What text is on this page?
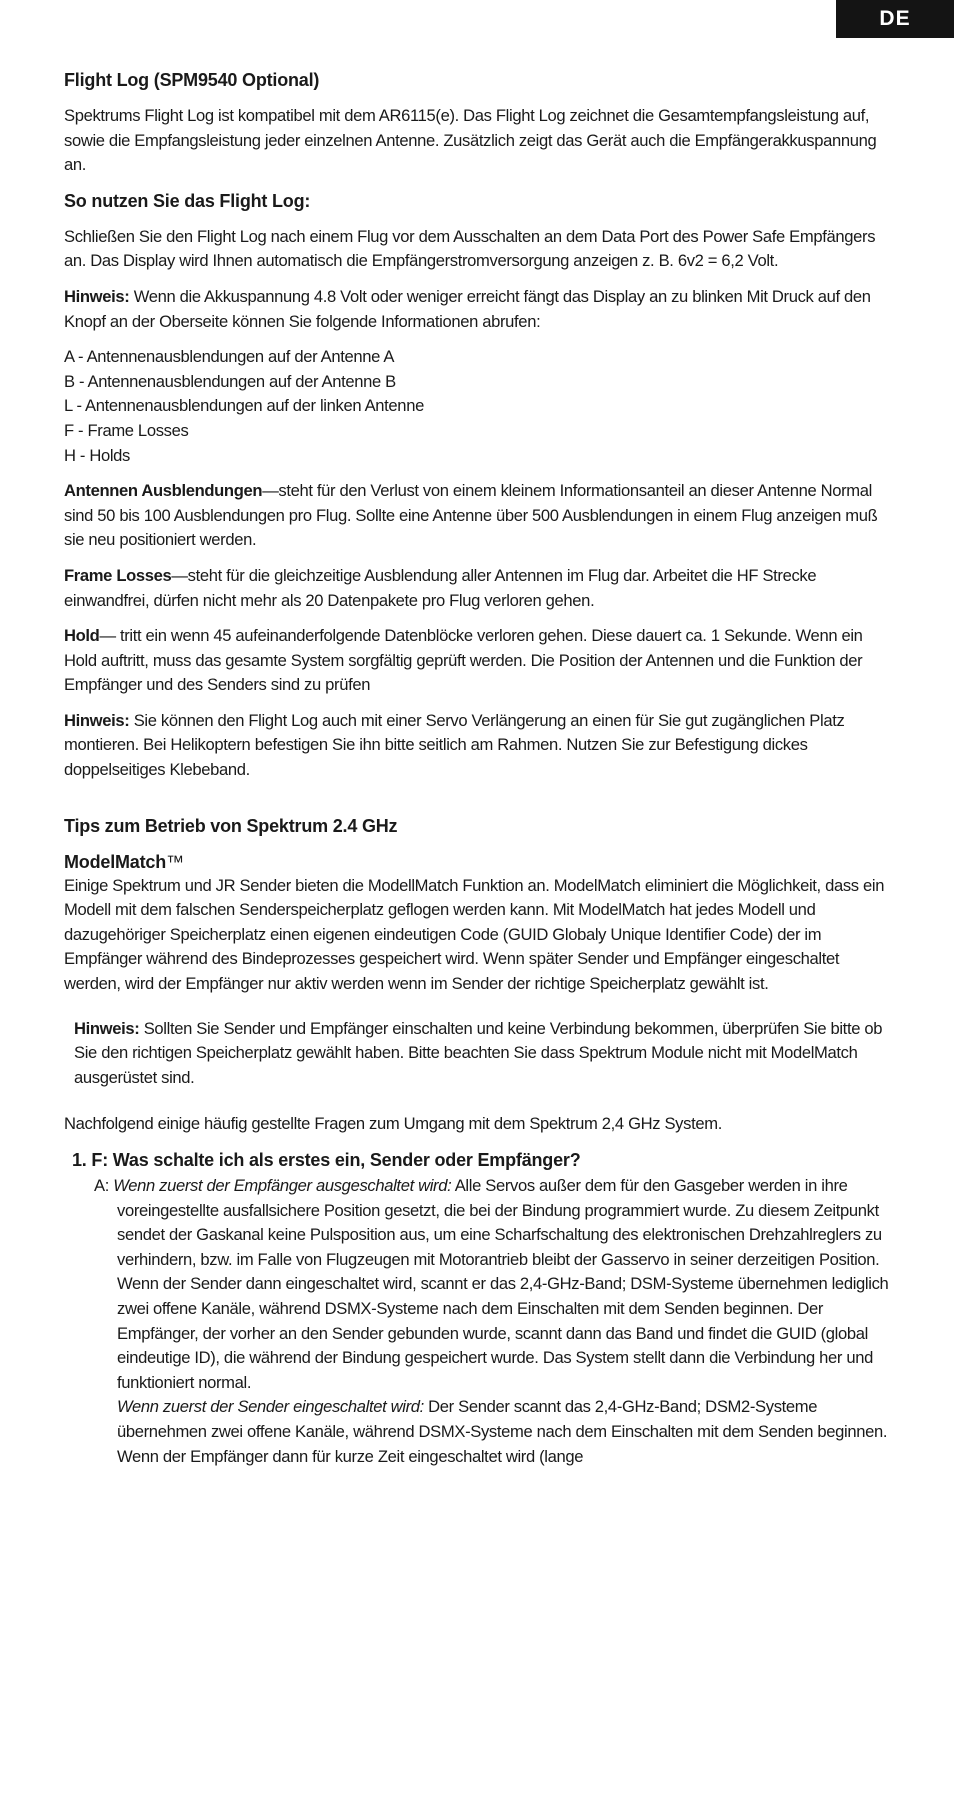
DE
Flight Log (SPM9540 Optional)

Spektrums Flight Log ist kompatibel mit dem AR6115(e). Das Flight Log zeichnet die Gesamtempfangsleistung auf, sowie die Empfangsleistung jeder einzelnen Antenne. Zusätzlich zeigt das Gerät auch die Empfängerakkuspannung an.

So nutzen Sie das Flight Log:

Schließen Sie den Flight Log nach einem Flug vor dem Ausschalten an dem Data Port des Power Safe Empfängers an. Das Display wird Ihnen automatisch die Empfängerstromversorgung anzeigen z. B. 6v2 = 6,2 Volt.

Hinweis: Wenn die Akkuspannung 4.8 Volt oder weniger erreicht fängt das Display an zu blinken Mit Druck auf den Knopf an der Oberseite können Sie folgende Informationen abrufen:

A - Antennenausblendungen auf der Antenne A
B - Antennenausblendungen auf der Antenne B
L - Antennenausblendungen auf der linken Antenne
F - Frame Losses
H - Holds

Antennen Ausblendungen—steht für den Verlust von einem kleinem Informationsanteil an dieser Antenne Normal sind 50 bis 100 Ausblendungen pro Flug. Sollte eine Antenne über 500 Ausblendungen in einem Flug anzeigen muß sie neu positioniert werden.

Frame Losses—steht für die gleichzeitige Ausblendung aller Antennen im Flug dar. Arbeitet die HF Strecke einwandfrei, dürfen nicht mehr als 20 Datenpakete pro Flug verloren gehen.

Hold— tritt ein wenn 45 aufeinanderfolgende Datenblöcke verloren gehen. Diese dauert ca. 1 Sekunde. Wenn ein Hold auftritt, muss das gesamte System sorgfältig geprüft werden. Die Position der Antennen und die Funktion der Empfänger und des Senders sind zu prüfen

Hinweis: Sie können den Flight Log auch mit einer Servo Verlängerung an einen für Sie gut zugänglichen Platz montieren. Bei Helikoptern befestigen Sie ihn bitte seitlich am Rahmen. Nutzen Sie zur Befestigung dickes doppelseitiges Klebeband.

Tips zum Betrieb von Spektrum 2.4 GHz
ModelMatch™

Einige Spektrum und JR Sender bieten die ModellMatch Funktion an. ModelMatch eliminiert die Möglichkeit, dass ein Modell mit dem falschen Senderspeicherplatz geflogen werden kann. Mit ModelMatch hat jedes Modell und dazugehöriger Speicherplatz einen eigenen eindeutigen Code (GUID Globaly Unique Identifier Code) der im Empfänger während des Bindeprozesses gespeichert wird. Wenn später Sender und Empfänger eingeschaltet werden, wird der Empfänger nur aktiv werden wenn im Sender der richtige Speicherplatz gewählt ist.

Hinweis: Sollten Sie Sender und Empfänger einschalten und keine Verbindung bekommen, überprüfen Sie bitte ob Sie den richtigen Speicherplatz gewählt haben. Bitte beachten Sie dass Spektrum Module nicht mit ModelMatch ausgerüstet sind.

Nachfolgend einige häufig gestellte Fragen zum Umgang mit dem Spektrum 2,4 GHz System.

1. F: Was schalte ich als erstes ein, Sender oder Empfänger?

A: Wenn zuerst der Empfänger ausgeschaltet wird: Alle Servos außer dem für den Gasgeber werden in ihre voreingestellte ausfallsichere Position gesetzt, die bei der Bindung programmiert wurde. Zu diesem Zeitpunkt sendet der Gaskanal keine Pulsposition aus, um eine Scharfschaltung des elektronischen Drehzahlreglers zu verhindern, bzw. im Falle von Flugzeugen mit Motorantrieb bleibt der Gasservo in seiner derzeitigen Position. Wenn der Sender dann eingeschaltet wird, scannt er das 2,4-GHz-Band; DSM-Systeme übernehmen lediglich zwei offene Kanäle, während DSMX-Systeme nach dem Einschalten mit dem Senden beginnen. Der Empfänger, der vorher an den Sender gebunden wurde, scannt dann das Band und findet die GUID (global eindeutige ID), die während der Bindung gespeichert wurde. Das System stellt dann die Verbindung her und funktioniert normal.

Wenn zuerst der Sender eingeschaltet wird: Der Sender scannt das 2,4-GHz-Band; DSM2-Systeme übernehmen zwei offene Kanäle, während DSMX-Systeme nach dem Einschalten mit dem Senden beginnen. Wenn der Empfänger dann für kurze Zeit eingeschaltet wird (lange
